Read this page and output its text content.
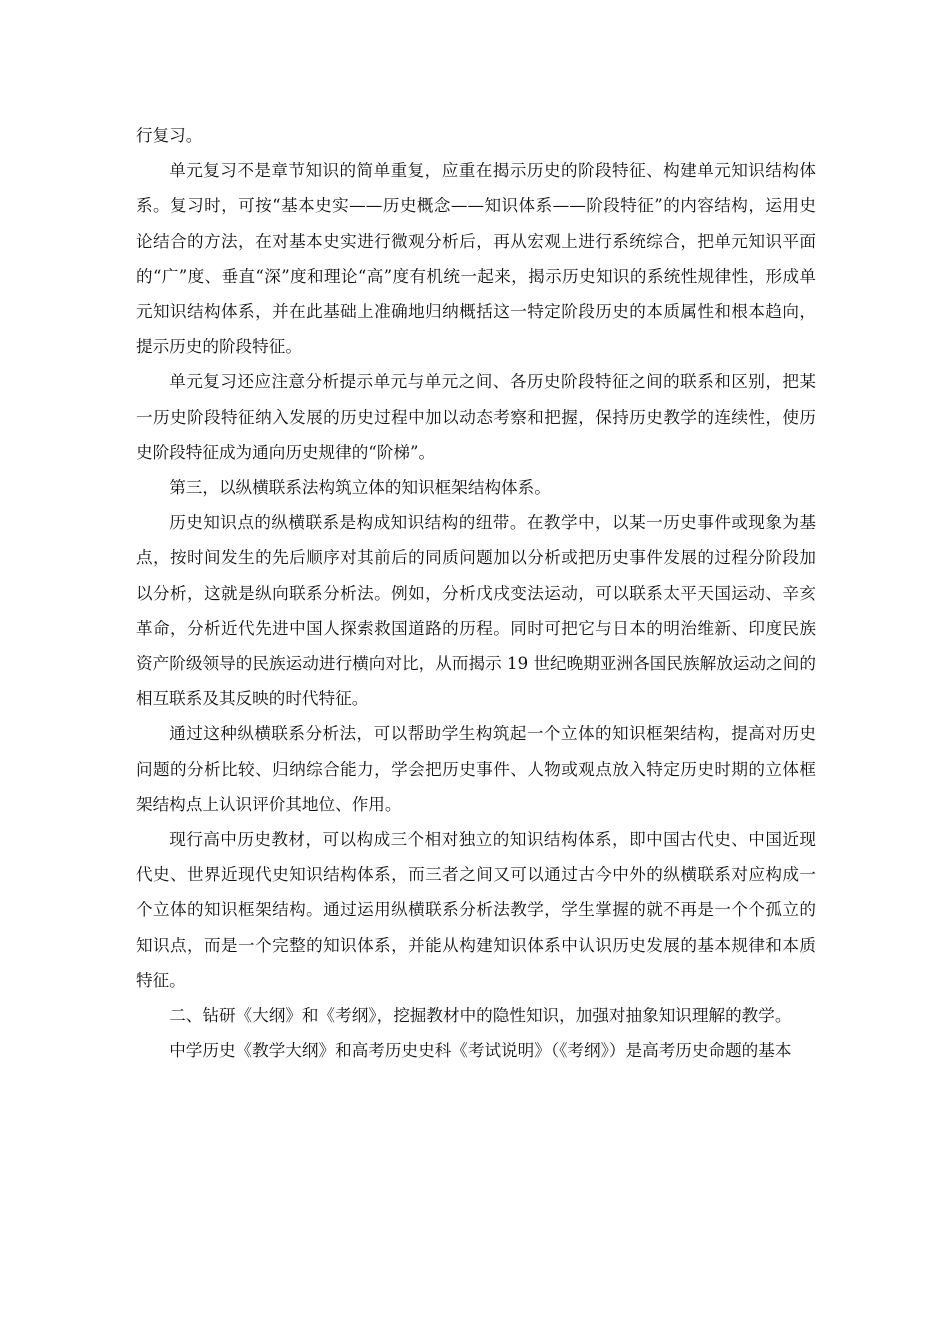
行复习。

单元复习不是章节知识的简单重复，应重在揭示历史的阶段特征、构建单元知识结构体系。复习时，可按“基本史实——历史概念——知识体系——阶段特征”的内容结构，运用史论结合的方法，在对基本史实进行微观分析后，再从宏观上进行系统综合，把单元知识平面的“广”度、垂直“深”度和理论“高”度有机统一起来，揭示历史知识的系统性规律性，形成单元知识结构体系，并在此基础上准确地归纳概括这一特定阶段历史的本质属性和根本趋向，提示历史的阶段特征。

单元复习还应注意分析提示单元与单元之间、各历史阶段特征之间的联系和区别，把某一历史阶段特征纳入发展的历史过程中加以动态考察和把握，保持历史教学的连续性，使历史阶段特征成为通向历史规律的“阶梯”。

第三，以纵横联系法构筑立体的知识框架结构体系。

历史知识点的纵横联系是构成知识结构的纽带。在教学中，以某一历史事件或现象为基点，按时间发生的先后顺序对其前后的同质问题加以分析或把历史事件发展的过程分阶段加以分析，这就是纵向联系分析法。例如，分析戊戌变法运动，可以联系太平天国运动、辛亥革命，分析近代先进中国人探索救国道路的历程。同时可把它与日本的明治维新、印度民族资产阶级领导的民族运动进行横向对比，从而揭示 19 世纪晚期亚洲各国民族解放运动之间的相互联系及其反映的时代特征。

通过这种纵横联系分析法，可以帮助学生构筑起一个立体的知识框架结构，提高对历史问题的分析比较、归纳综合能力，学会把历史事件、人物或观点放入特定历史时期的立体框架结构点上认识评价其地位、作用。

现行高中历史教材，可以构成三个相对独立的知识结构体系，即中国古代史、中国近现代史、世界近现代史知识结构体系，而三者之间又可以通过古今中外的纵横联系对应构成一个立体的知识框架结构。通过运用纵横联系分析法教学，学生掌握的就不再是一个个孤立的知识点，而是一个完整的知识体系，并能从构建知识体系中认识历史发展的基本规律和本质特征。

二、钻研《大纲》和《考纲》，挖掘教材中的隐性知识，加强对抽象知识理解的教学。

中学历史《教学大纲》和高考历史史科《考试说明》（《考纲》）是高考历史命题的基本
